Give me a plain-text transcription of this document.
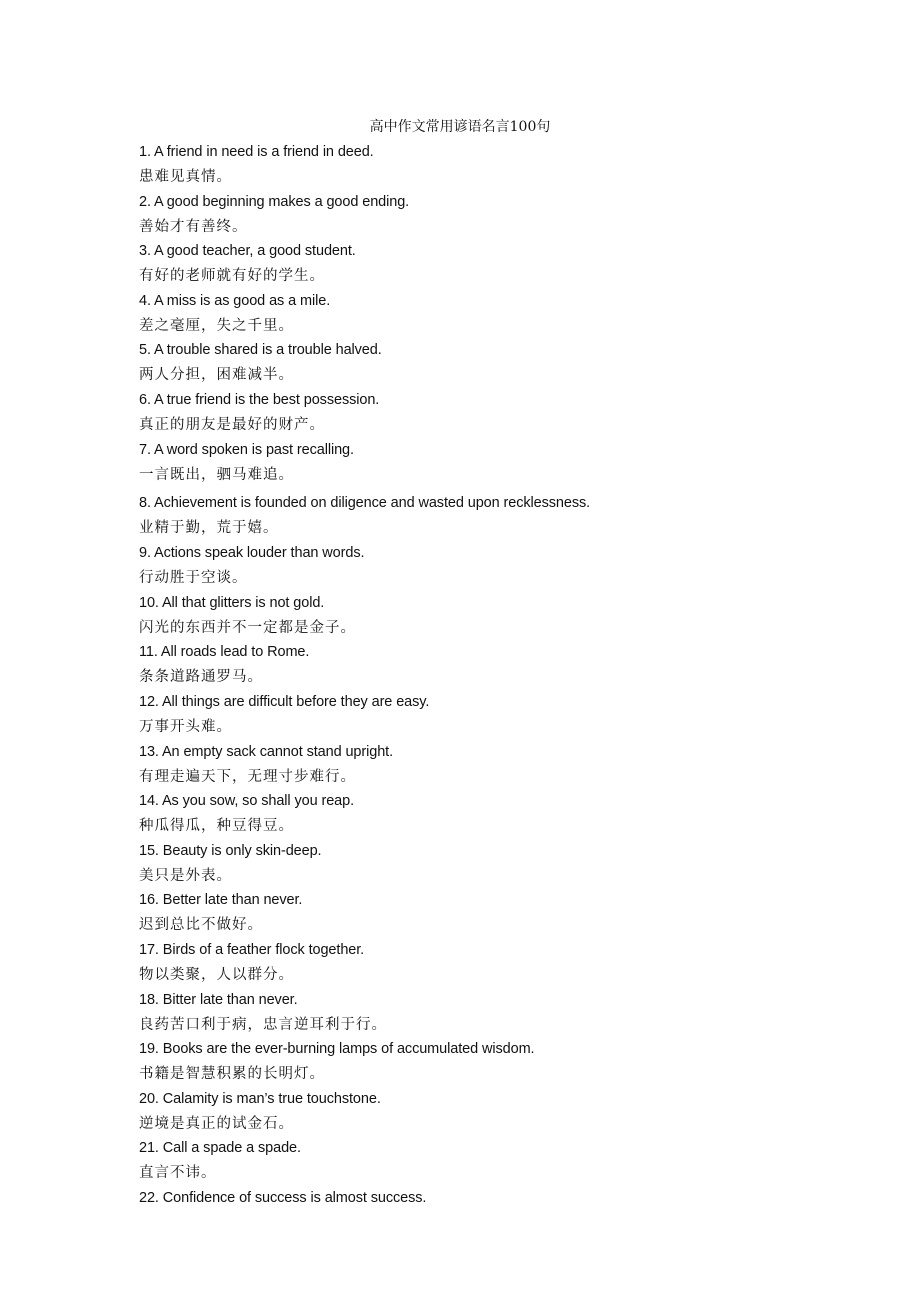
高中作文常用谚语名言100句
1. A friend in need is a friend in deed.
患难见真情。
2. A good beginning makes a good ending.
善始才有善终。
3. A good teacher, a good student.
有好的老师就有好的学生。
4. A miss is as good as a mile.
差之毫厘，失之千里。
5. A trouble shared is a trouble halved.
两人分担，困难减半。
6. A true friend is the best possession.
真正的朋友是最好的财产。
7. A word spoken is past recalling.
一言既出，驷马难追。
8. Achievement is founded on diligence and wasted upon recklessness.
业精于勤，荒于嬉。
9. Actions speak louder than words.
行动胜于空谈。
10. All that glitters is not gold.
闪光的东西并不一定都是金子。
11. All roads lead to Rome.
条条道路通罗马。
12. All things are difficult before they are easy.
万事开头难。
13. An empty sack cannot stand upright.
有理走遍天下，无理寸步难行。
14. As you sow, so shall you reap.
种瓜得瓜，种豆得豆。
15. Beauty is only skin-deep.
美只是外表。
16. Better late than never.
迟到总比不做好。
17. Birds of a feather flock together.
物以类聚，人以群分。
18. Bitter late than never.
良药苦口利于病，忠言逆耳利于行。
19. Books are the ever-burning lamps of accumulated wisdom.
书籍是智慧积累的长明灯。
20. Calamity is man’s true touchstone.
逆境是真正的试金石。
21. Call a spade a spade.
直言不讳。
22. Confidence of success is almost success.
